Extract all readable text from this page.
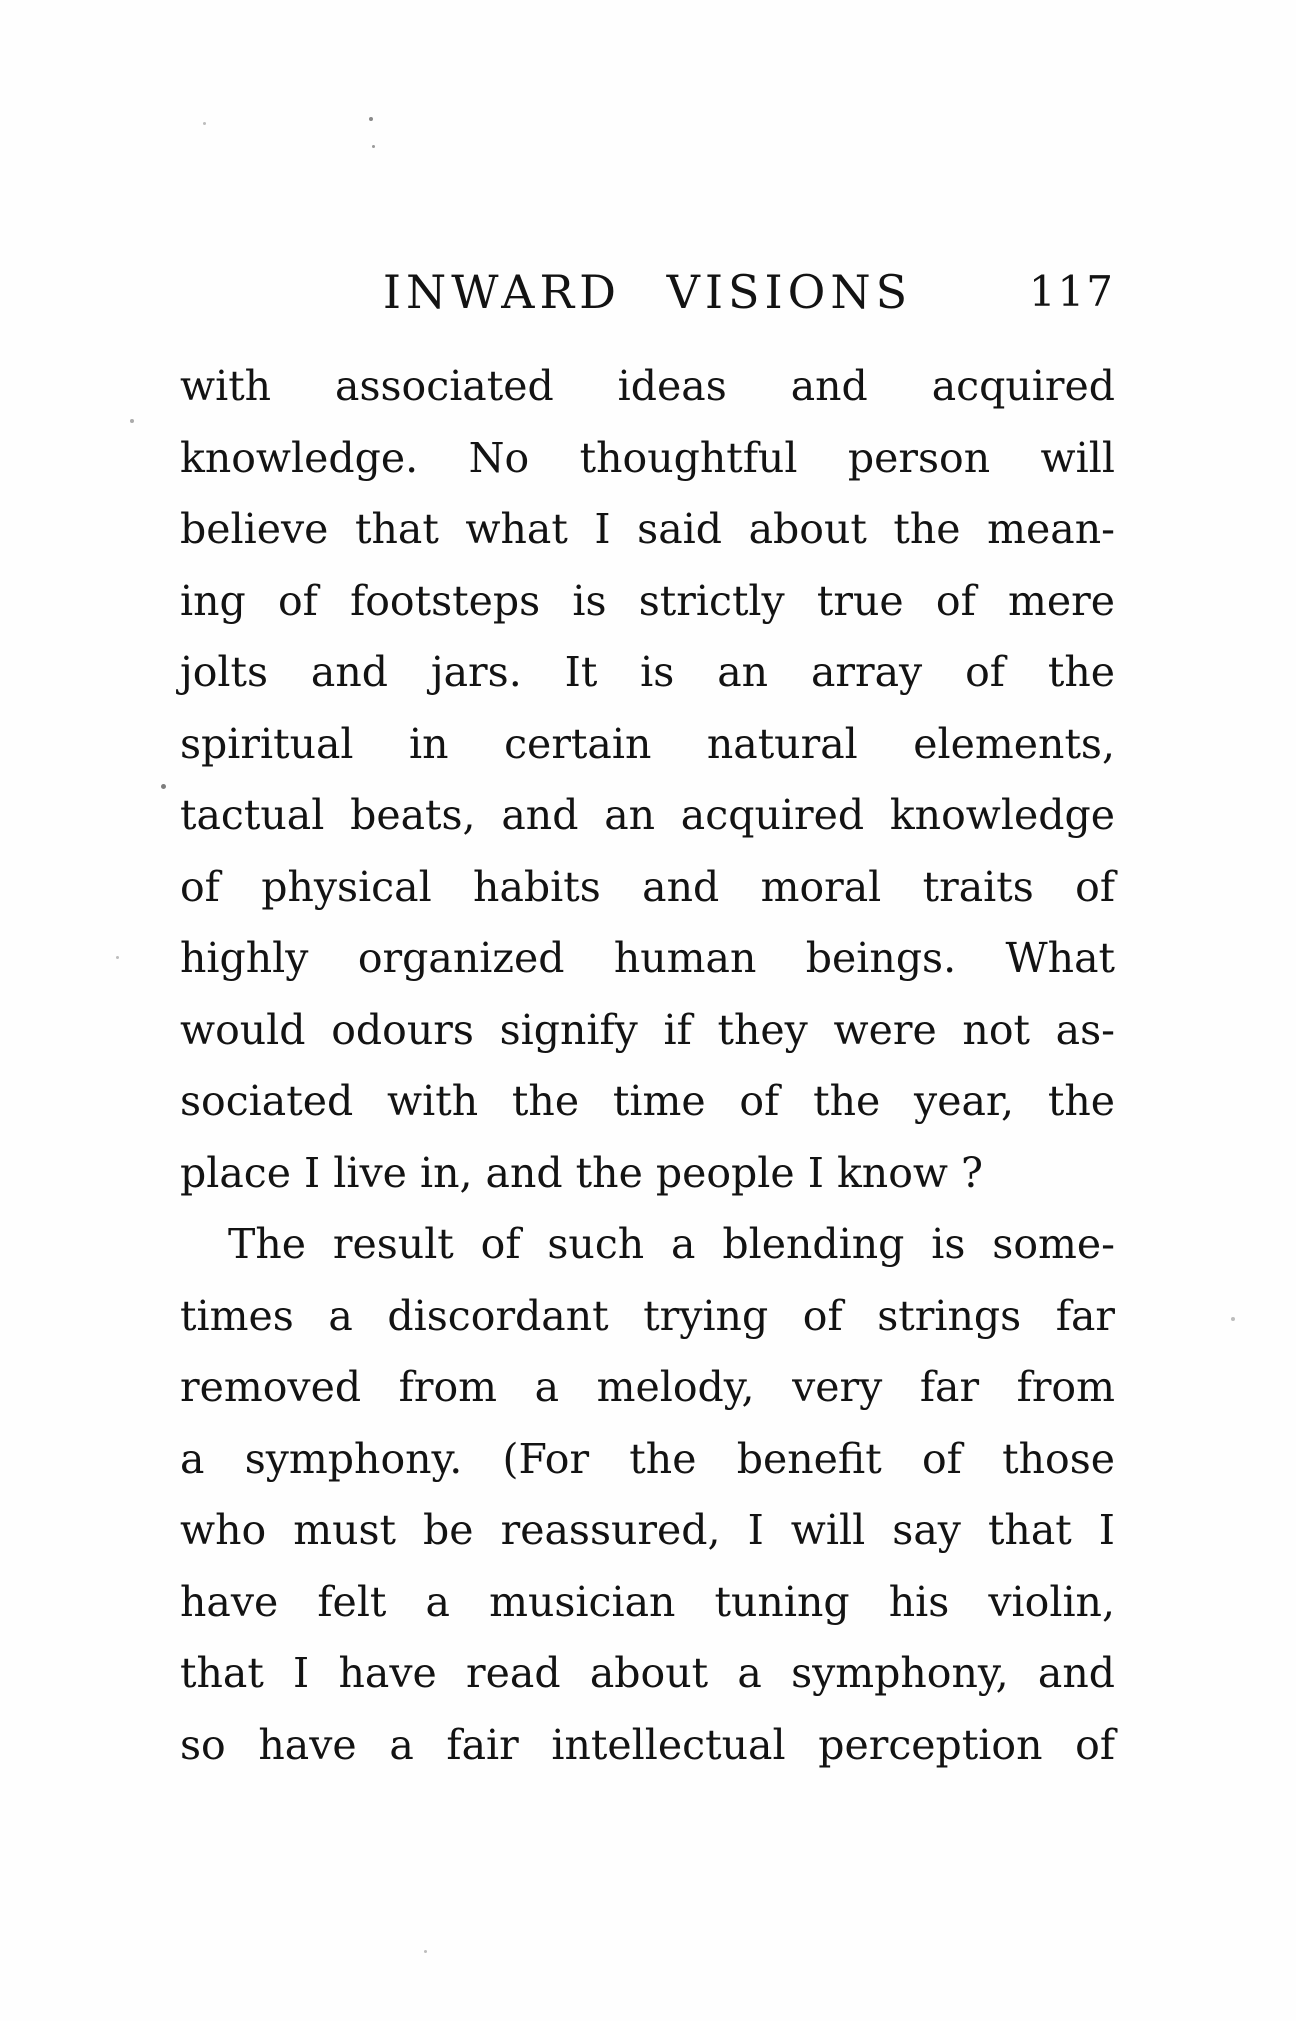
INWARD VISIONS	117
with associated ideas and acquired
knowledge. No thoughtful person will
believe that what I said about the mean-
ing of footsteps is strictly true of mere
jolts and jars. It is an array of the
spiritual in certain natural elements,
tactual beats, and an acquired knowledge
of physical habits and moral traits of
highly organized human beings. What
would odours signify if they were not as-
sociated with the time of the year, the
place I live in, and the people I know ?
The result of such a blending is some-
times a discordant trying of strings far
removed from a melody, very far from
a symphony. (For the benefit of those
who must be reassured, I will say that I
have felt a musician tuning his violin,
that I have read about a symphony, and
so have a fair intellectual perception of
